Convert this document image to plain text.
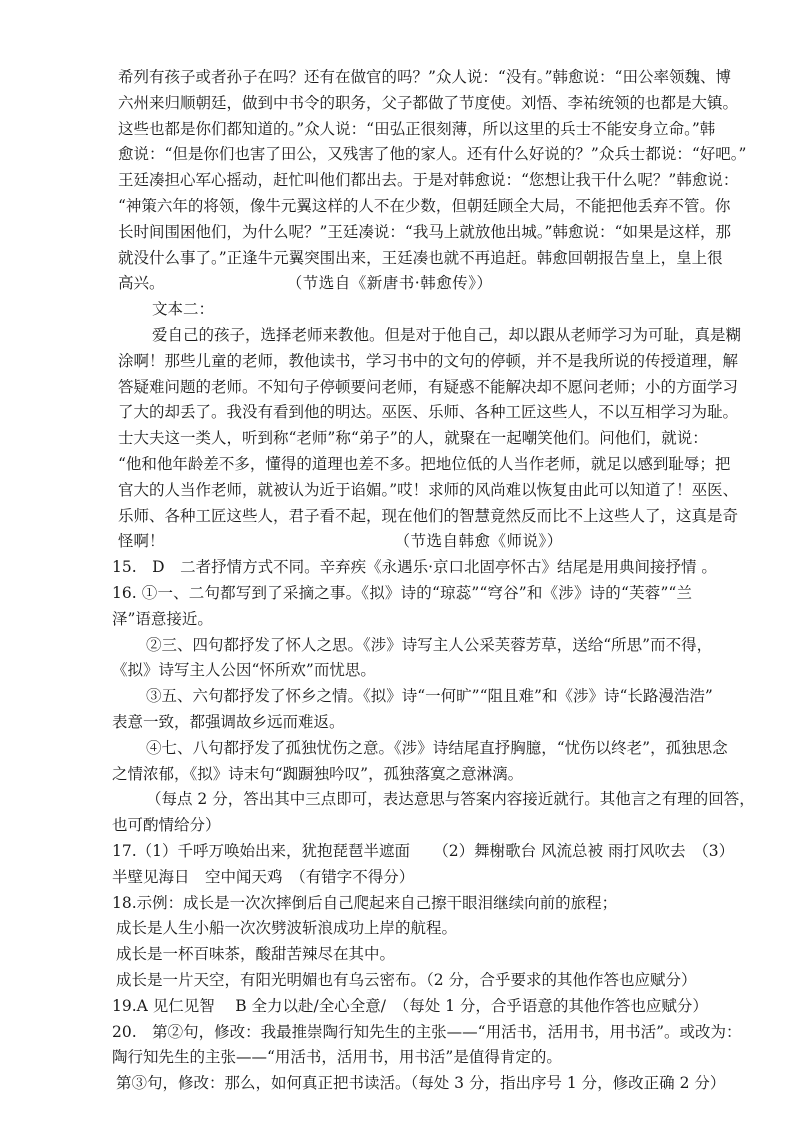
希列有孩子或者孙子在吗？还有在做官的吗？”众人说：“没有。”韩愈说：“田公率领魏、博
六州来归顺朝廷，做到中书令的职务，父子都做了节度使。刘悟、李祐统领的也都是大镇。
这些也都是你们都知道的。”众人说：“田弘正很刻薄，所以这里的兵士不能安身立命。”韩
愈说：“但是你们也害了田公，又残害了他的家人。还有什么好说的？”众兵士都说：“好吧。”
王廷凑担心军心摇动，赶忙叫他们都出去。于是对韩愈说：“您想让我干什么呢？”韩愈说：
“神策六年的将领，像牛元翼这样的人不在少数，但朝廷顾全大局，不能把他丢弃不管。你
长时间围困他们，为什么呢？”王廷凑说：“我马上就放他出城。”韩愈说：“如果是这样，那
就没什么事了。”正逢牛元翼突围出来，王廷凑也就不再追赶。韩愈回朝报告皇上，皇上很
高兴。	（节选自《新唐书·韩愈传》）
文本二：
爱自己的孩子，选择老师来教他。但是对于他自己，却以跟从老师学习为可耻，真是糊
涂啊！那些儿童的老师，教他读书，学习书中的文句的停顿，并不是我所说的传授道理，解
答疑难问题的老师。不知句子停顿要问老师，有疑惑不能解决却不愿问老师；小的方面学习
了大的却丢了。我没有看到他的明达。巫医、乐师、各种工匠这些人，不以互相学习为耻。
士大夫这一类人，听到称“老师”称“弟子”的人，就聚在一起嘲笑他们。问他们，就说：
“他和他年龄差不多，懂得的道理也差不多。把地位低的人当作老师，就足以感到耻辱；把
官大的人当作老师，就被认为近于谄媚。”哎！求师的风尚难以恢复由此可以知道了！巫医、
乐师、各种工匠这些人，君子看不起，现在他们的智慧竟然反而比不上这些人了，这真是奇
怪啊！	（节选自韩愈《师说》）
15.　D　二者抒情方式不同。辛弃疾《永遇乐·京口北固亭怀古》结尾是用典间接抒情 。
16. ①一、二句都写到了采摘之事。《拟》诗的“琼蕊”“穹谷”和《涉》诗的“芙蓉”“兰
泽”语意接近。
②三、四句都抒发了怀人之思。《涉》诗写主人公采芙蓉芳草，送给“所思”而不得，
《拟》诗写主人公因“怀所欢”而忧思。
③五、六句都抒发了怀乡之情。《拟》诗“一何旷”“阻且难”和《涉》诗“长路漫浩浩”
表意一致，都强调故乡远而难返。
④七、八句都抒发了孤独忧伤之意。《涉》诗结尾直抒胸臆，“忧伤以终老”，孤独思念
之情浓郁，《拟》诗末句“踟蹰独吟叹”，孤独落寞之意淋漓。
（每点 2 分，答出其中三点即可，表达意思与答案内容接近就行。其他言之有理的回答，
也可酌情给分）
17.（1）千呼万唤始出来，犹抱琵琶半遮面　　（2）舞榭歌台 风流总被 雨打风吹去　（3）
半壁见海日　空中闻天鸡　（有错字不得分）
18.示例：成长是一次次摔倒后自己爬起来自己擦干眼泪继续向前的旅程；
成长是人生小船一次次劈波斩浪成功上岸的航程。
成长是一杯百味茶，酸甜苦辣尽在其中。
成长是一片天空，有阳光明媚也有乌云密布。（2 分，合乎要求的其他作答也应赋分）
19.A 见仁见智　 B 全力以赴/全心全意/　（每处 1 分，合乎语意的其他作答也应赋分）
20.　第②句，修改：我最推崇陶行知先生的主张——“用活书，活用书，用书活”。或改为：
陶行知先生的主张——“用活书，活用书，用书活”是值得肯定的。
第③句，修改：那么，如何真正把书读活。（每处 3 分，指出序号 1 分，修改正确 2 分）
